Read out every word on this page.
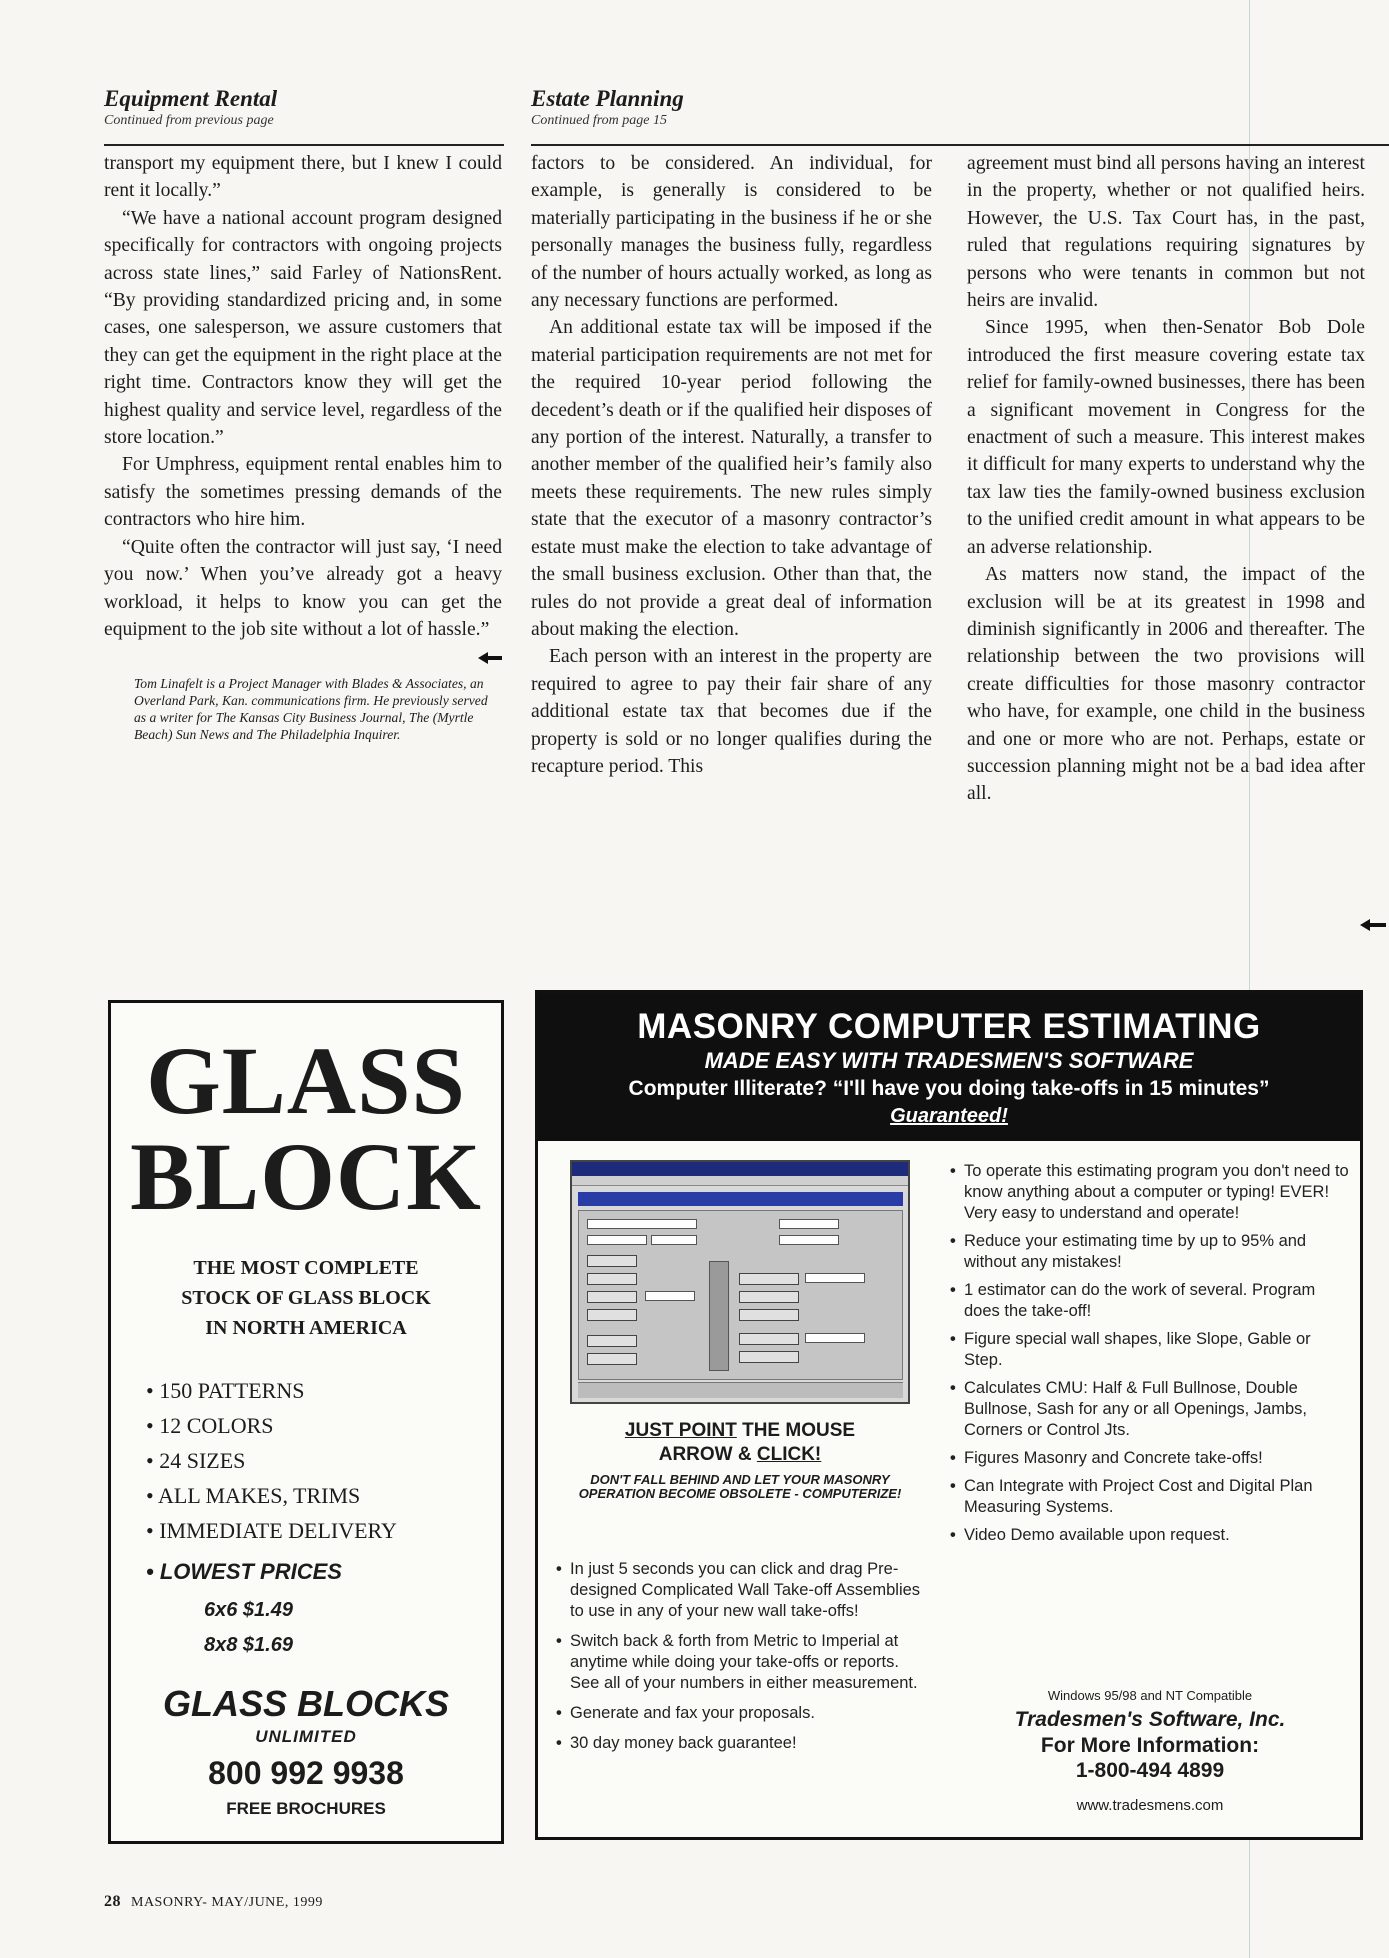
Equipment Rental
Continued from previous page
Estate Planning
Continued from page 15

transport my equipment there, but I knew I could rent it locally.”

“We have a national account program designed specifically for contractors with ongoing projects across state lines,” said Farley of NationsRent. “By providing standardized pricing and, in some cases, one salesperson, we assure customers that they can get the equipment in the right place at the right time. Contractors know they will get the highest quality and service level, regardless of the store location.”

For Umphress, equipment rental enables him to satisfy the sometimes pressing demands of the contractors who hire him.

“Quite often the contractor will just say, ‘I need you now.’ When you’ve already got a heavy workload, it helps to know you can get the equipment to the job site without a lot of hassle.”

Tom Linafelt is a Project Manager with Blades & Associates, an Overland Park, Kan. communications firm. He previously served as a writer for The Kansas City Business Journal, The (Myrtle Beach) Sun News and The Philadelphia Inquirer.

factors to be considered. An individual, for example, is generally is considered to be materially participating in the business if he or she personally manages the business fully, regardless of the number of hours actually worked, as long as any necessary functions are performed.

An additional estate tax will be imposed if the material participation requirements are not met for the required 10-year period following the decedent’s death or if the qualified heir disposes of any portion of the interest. Naturally, a transfer to another member of the qualified heir’s family also meets these requirements. The new rules simply state that the executor of a masonry contractor’s estate must make the election to take advantage of the small business exclusion. Other than that, the rules do not provide a great deal of information about making the election.

Each person with an interest in the property are required to agree to pay their fair share of any additional estate tax that becomes due if the property is sold or no longer qualifies during the recapture period. This

agreement must bind all persons having an interest in the property, whether or not qualified heirs. However, the U.S. Tax Court has, in the past, ruled that regulations requiring signatures by persons who were tenants in common but not heirs are invalid.

Since 1995, when then-Senator Bob Dole introduced the first measure covering estate tax relief for family-owned businesses, there has been a significant movement in Congress for the enactment of such a measure. This interest makes it difficult for many experts to understand why the tax law ties the family-owned business exclusion to the unified credit amount in what appears to be an adverse relationship.

As matters now stand, the impact of the exclusion will be at its greatest in 1998 and diminish significantly in 2006 and thereafter. The relationship between the two provisions will create difficulties for those masonry contractor who have, for example, one child in the business and one or more who are not. Perhaps, estate or succession planning might not be a bad idea after all.

GLASS
BLOCK
THE MOST COMPLETE
STOCK OF GLASS BLOCK
IN NORTH AMERICA
• 150 PATTERNS
• 12 COLORS
• 24 SIZES
• ALL MAKES, TRIMS
• IMMEDIATE DELIVERY
• LOWEST PRICES
6x6 $1.49
8x8 $1.69
GLASS BLOCKS
UNLIMITED
800 992 9938
FREE BROCHURES
MASONRY COMPUTER ESTIMATING
MADE EASY WITH TRADESMEN'S SOFTWARE
Computer Illiterate? “I'll have you doing take-offs in 15 minutes”
Guaranteed!
JUST POINT THE MOUSE
ARROW & CLICK!
DON'T FALL BEHIND AND LET YOUR MASONRY OPERATION BECOME OBSOLETE - COMPUTERIZE!
• In just 5 seconds you can click and drag Pre-designed Complicated Wall Take-off Assemblies to use in any of your new wall take-offs!
• Switch back & forth from Metric to Imperial at anytime while doing your take-offs or reports. See all of your numbers in either measurement.
• Generate and fax your proposals.
• 30 day money back guarantee!
• To operate this estimating program you don't need to know anything about a computer or typing! EVER! Very easy to understand and operate!
• Reduce your estimating time by up to 95% and without any mistakes!
• 1 estimator can do the work of several. Program does the take-off!
• Figure special wall shapes, like Slope, Gable or Step.
• Calculates CMU: Half & Full Bullnose, Double Bullnose, Sash for any or all Openings, Jambs, Corners or Control Jts.
• Figures Masonry and Concrete take-offs!
• Can Integrate with Project Cost and Digital Plan Measuring Systems.
• Video Demo available upon request.
Windows 95/98 and NT Compatible
Tradesmen's Software, Inc.
For More Information:
1-800-494 4899
www.tradesmens.com
28 MASONRY- MAY/JUNE, 1999
